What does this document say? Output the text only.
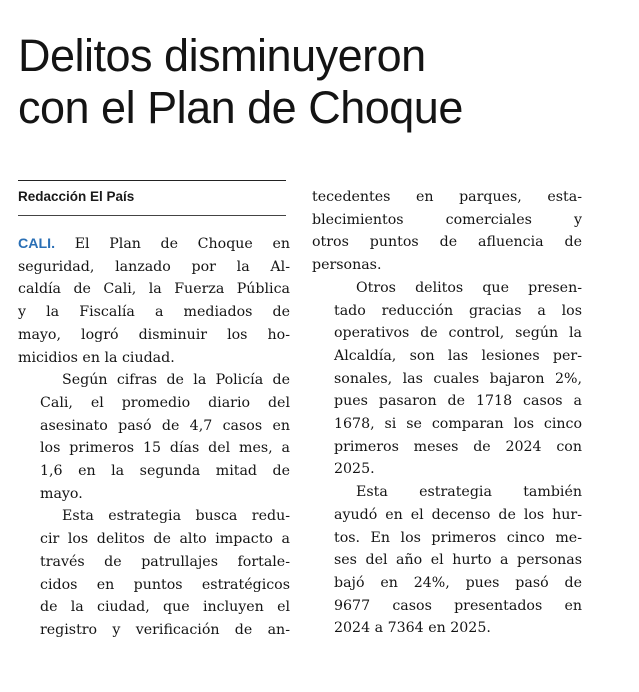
Delitos disminuyeron
con el Plan de Choque

Redacción El País

CALI. El Plan de Choque en
seguridad, lanzado por la Al-
caldía de Cali, la Fuerza Pública
y la Fiscalía a mediados de
mayo, logró disminuir los ho-
micidios en la ciudad.

Según cifras de la Policía de
Cali, el promedio diario del
asesinato pasó de 4,7 casos en
los primeros 15 días del mes, a
1,6 en la segunda mitad de
mayo.

Esta estrategia busca redu-
cir los delitos de alto impacto a
través de patrullajes fortale-
cidos en puntos estratégicos
de la ciudad, que incluyen el
registro y verificación de an-

tecedentes en parques, esta-
blecimientos comerciales y
otros puntos de afluencia de
personas.

Otros delitos que presen-
tado reducción gracias a los
operativos de control, según la
Alcaldía, son las lesiones per-
sonales, las cuales bajaron 2%,
pues pasaron de 1718 casos a
1678, si se comparan los cinco
primeros meses de 2024 con
2025.

Esta estrategia también
ayudó en el decenso de los hur-
tos. En los primeros cinco me-
ses del año el hurto a personas
bajó en 24%, pues pasó de
9677 casos presentados en
2024 a 7364 en 2025.
